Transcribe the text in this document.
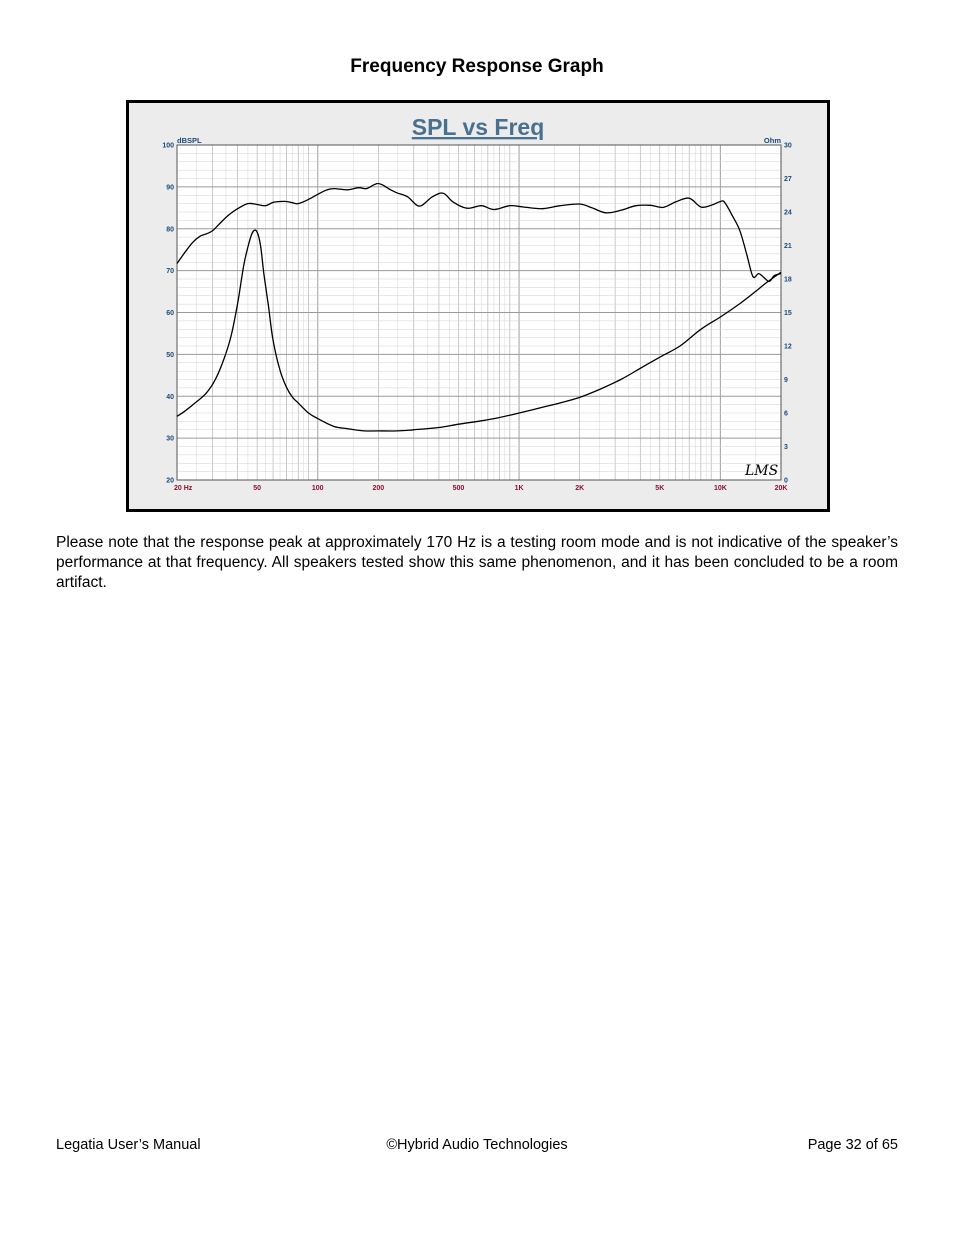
Frequency Response Graph
SPL vs Freq
dBSPL	Ohm
100
90
80
70
60
50
40
30
20
30
27
24
21
18
15
12
9
6
3
0
20 Hz	50	100	200	500	1K	2K	5K	10K	20K
LMS
Please note that the response peak at approximately 170 Hz is a testing room mode and is not indicative of the speaker’s performance at that frequency. All speakers tested show this same phenomenon, and it has been concluded to be a room artifact.
Legatia User’s Manual	©Hybrid Audio Technologies	Page 32 of 65
